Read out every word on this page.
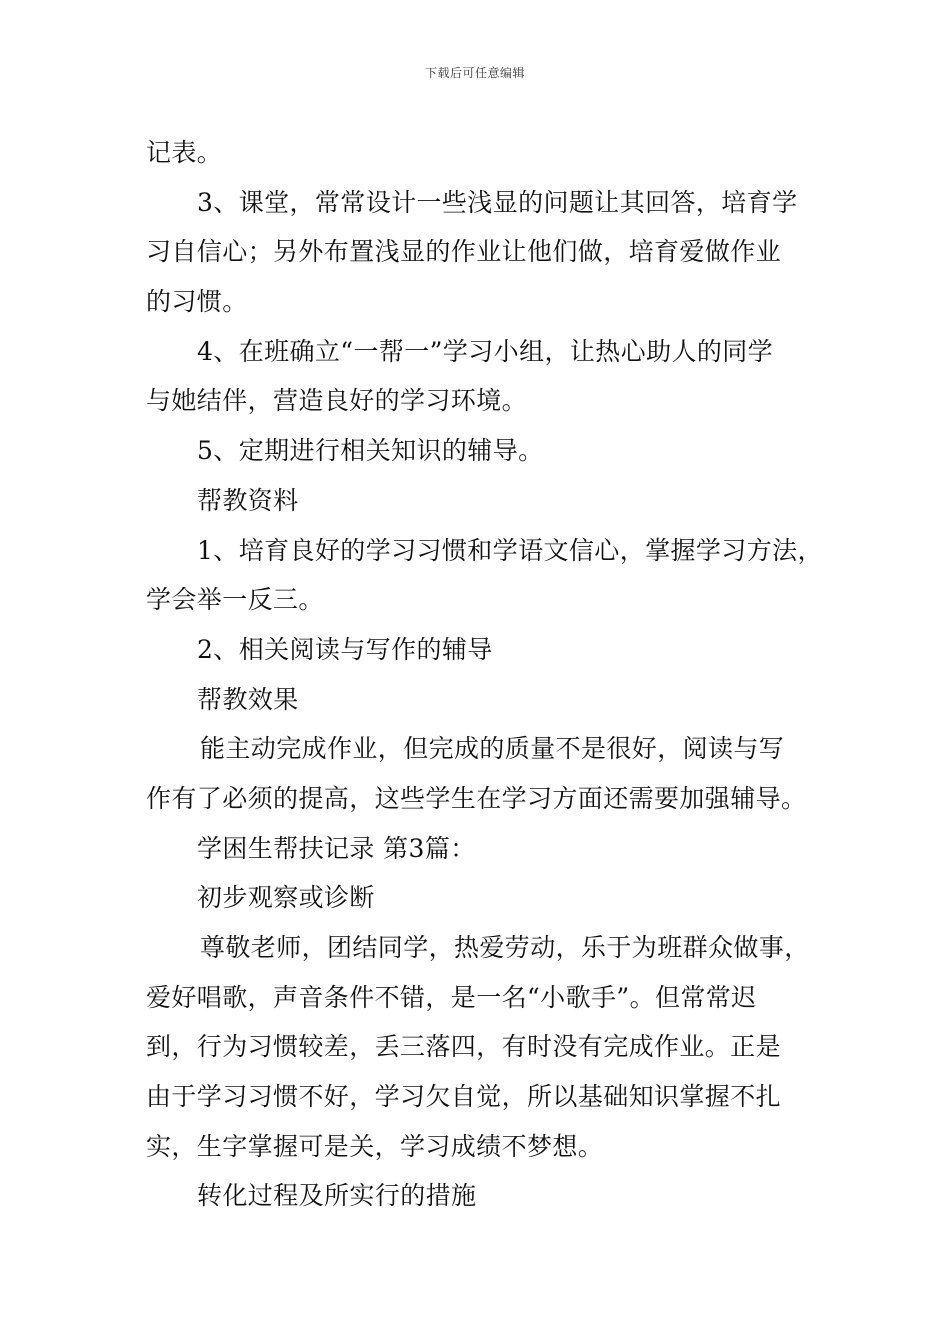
下载后可任意编辑
记表。
3、课堂，常常设计一些浅显的问题让其回答，培育学
习自信心；另外布置浅显的作业让他们做，培育爱做作业
的习惯。
4、在班确立“一帮一”学习小组，让热心助人的同学
与她结伴，营造良好的学习环境。
5、定期进行相关知识的辅导。
帮教资料
1、培育良好的学习习惯和学语文信心，掌握学习方法，
学会举一反三。
2、相关阅读与写作的辅导
帮教效果
能主动完成作业，但完成的质量不是很好，阅读与写
作有了必须的提高，这些学生在学习方面还需要加强辅导。
学困生帮扶记录 第3篇：
初步观察或诊断
尊敬老师，团结同学，热爱劳动，乐于为班群众做事，
爱好唱歌，声音条件不错，是一名“小歌手”。但常常迟
到，行为习惯较差，丢三落四，有时没有完成作业。正是
由于学习习惯不好，学习欠自觉，所以基础知识掌握不扎
实，生字掌握可是关，学习成绩不梦想。
转化过程及所实行的措施
